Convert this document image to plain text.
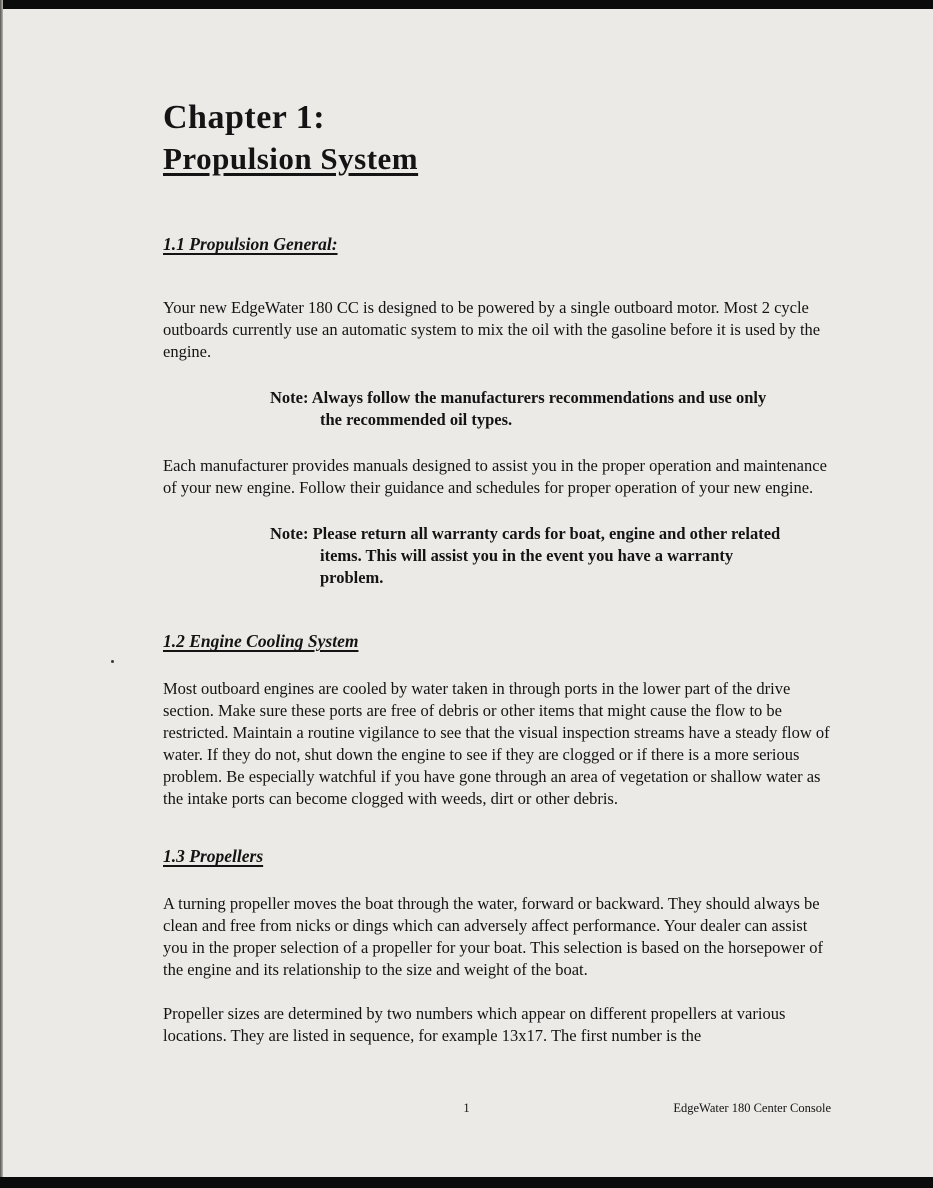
Chapter 1:
Propulsion System
1.1 Propulsion General:

Your new EdgeWater 180 CC is designed to be powered by a single outboard motor. Most 2 cycle outboards currently use an automatic system to mix the oil with the gasoline before it is used by the engine.

Note: Always follow the manufacturers recommendations and use only the recommended oil types.

Each manufacturer provides manuals designed to assist you in the proper operation and maintenance of your new engine. Follow their guidance and schedules for proper operation of your new engine.

Note: Please return all warranty cards for boat, engine and other related items. This will assist you in the event you have a warranty problem.

1.2 Engine Cooling System

Most outboard engines are cooled by water taken in through ports in the lower part of the drive section. Make sure these ports are free of debris or other items that might cause the flow to be restricted. Maintain a routine vigilance to see that the visual inspection streams have a steady flow of water. If they do not, shut down the engine to see if they are clogged or if there is a more serious problem. Be especially watchful if you have gone through an area of vegetation or shallow water as the intake ports can become clogged with weeds, dirt or other debris.

1.3 Propellers

A turning propeller moves the boat through the water, forward or backward. They should always be clean and free from nicks or dings which can adversely affect performance. Your dealer can assist you in the proper selection of a propeller for your boat. This selection is based on the horsepower of the engine and its relationship to the size and weight of the boat.

Propeller sizes are determined by two numbers which appear on different propellers at various locations. They are listed in sequence, for example 13x17. The first number is the

1	EdgeWater 180 Center Console
